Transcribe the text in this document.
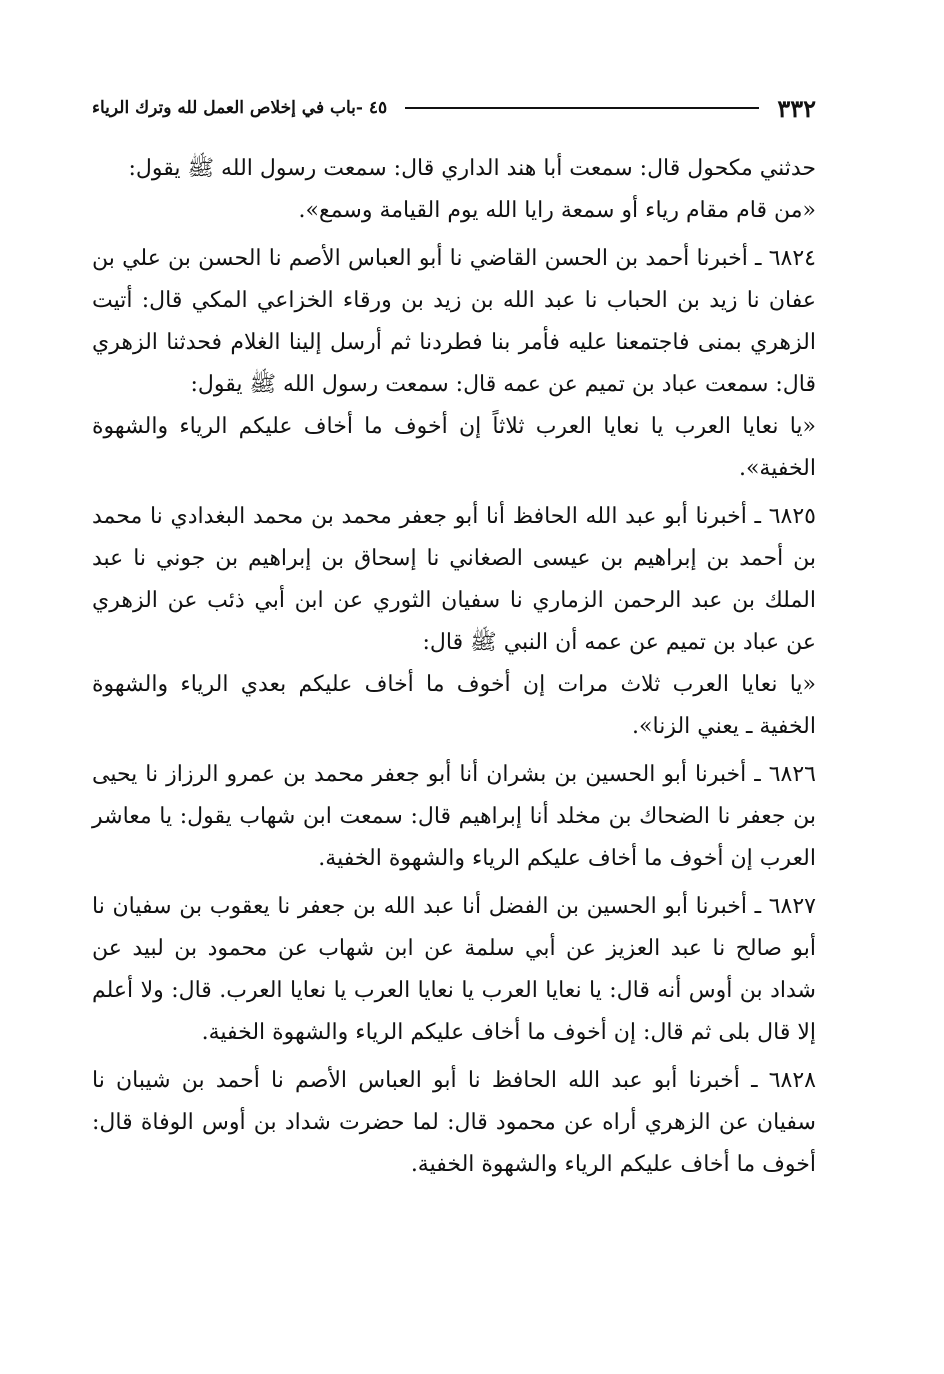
٤٥ -باب في إخلاص العمل لله وترك الرياء	٣٣٢

حدثني مكحول قال: سمعت أبا هند الداري قال: سمعت رسول الله ﷺ يقول:

«من قام مقام رياء أو سمعة رايا الله يوم القيامة وسمع».

٦٨٢٤ ـ أخبرنا أحمد بن الحسن القاضي نا أبو العباس الأصم نا الحسن بن علي بن عفان نا زيد بن الحباب نا عبد الله بن زيد بن ورقاء الخزاعي المكي قال: أتيت الزهري بمنى فاجتمعنا عليه فأمر بنا فطردنا ثم أرسل إلينا الغلام فحدثنا الزهري قال: سمعت عباد بن تميم عن عمه قال: سمعت رسول الله ﷺ يقول:

«يا نعايا العرب يا نعايا العرب ثلاثاً إن أخوف ما أخاف عليكم الرياء والشهوة الخفية».

٦٨٢٥ ـ أخبرنا أبو عبد الله الحافظ أنا أبو جعفر محمد بن محمد البغدادي نا محمد بن أحمد بن إبراهيم بن عيسى الصغاني نا إسحاق بن إبراهيم بن جوني نا عبد الملك بن عبد الرحمن الزماري نا سفيان الثوري عن ابن أبي ذئب عن الزهري عن عباد بن تميم عن عمه أن النبي ﷺ قال:

«يا نعايا العرب ثلاث مرات إن أخوف ما أخاف عليكم بعدي الرياء والشهوة الخفية ـ يعني الزنا».

٦٨٢٦ ـ أخبرنا أبو الحسين بن بشران أنا أبو جعفر محمد بن عمرو الرزاز نا يحيى بن جعفر نا الضحاك بن مخلد أنا إبراهيم قال: سمعت ابن شهاب يقول: يا معاشر العرب إن أخوف ما أخاف عليكم الرياء والشهوة الخفية.

٦٨٢٧ ـ أخبرنا أبو الحسين بن الفضل أنا عبد الله بن جعفر نا يعقوب بن سفيان نا أبو صالح نا عبد العزيز عن أبي سلمة عن ابن شهاب عن محمود بن لبيد عن شداد بن أوس أنه قال: يا نعايا العرب يا نعايا العرب يا نعايا العرب. قال: ولا أعلم إلا قال بلى ثم قال: إن أخوف ما أخاف عليكم الرياء والشهوة الخفية.

٦٨٢٨ ـ أخبرنا أبو عبد الله الحافظ نا أبو العباس الأصم نا أحمد بن شيبان نا سفيان عن الزهري أراه عن محمود قال: لما حضرت شداد بن أوس الوفاة قال: أخوف ما أخاف عليكم الرياء والشهوة الخفية.
